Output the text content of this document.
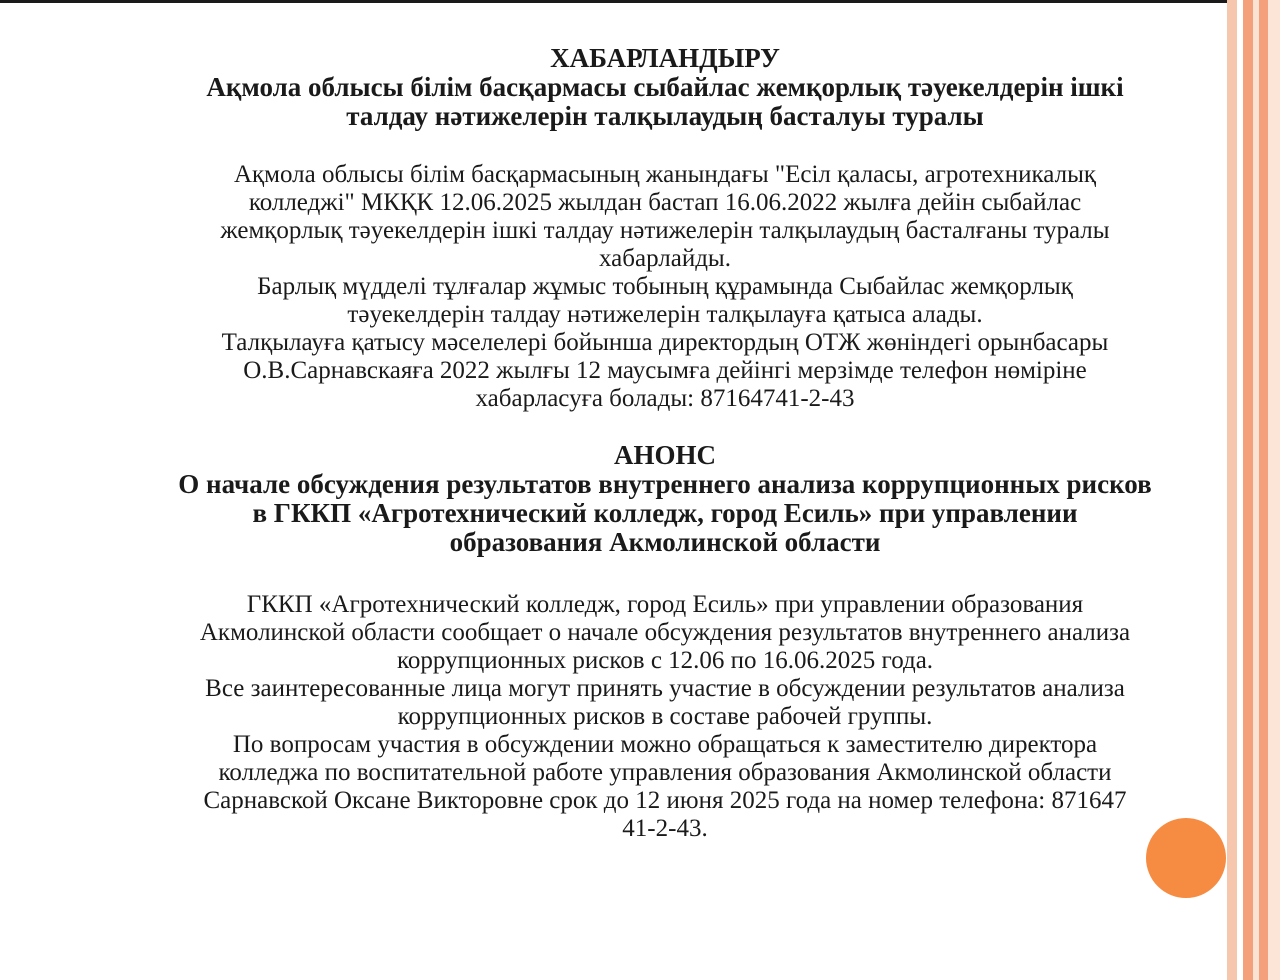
ХАБАРЛАНДЫРУ

Ақмола облысы білім басқармасы сыбайлас жемқорлық тәуекелдерін ішкі
талдау нәтижелерін талқылаудың басталуы туралы

Ақмола облысы білім басқармасының жанындағы "Есіл қаласы, агротехникалық
колледжі" МКҚК 12.06.2025 жылдан бастап 16.06.2022 жылға дейін сыбайлас
жемқорлық тәуекелдерін ішкі талдау нәтижелерін талқылаудың басталғаны туралы
хабарлайды.
Барлық мүдделі тұлғалар жұмыс тобының құрамында Сыбайлас жемқорлық
тәуекелдерін талдау нәтижелерін талқылауға қатыса алады.
Талқылауға қатысу мәселелері бойынша директордың ОТЖ жөніндегі орынбасары
О.В.Сарнавскаяға 2022 жылғы 12 маусымға дейінгі мерзімде телефон нөміріне
хабарласуға болады: 87164741-2-43

АНОНС

О начале обсуждения результатов внутреннего анализа коррупционных рисков
в ГККП «Агротехнический колледж, город Есиль» при управлении
образования Акмолинской области

ГККП «Агротехнический колледж, город Есиль» при управлении образования
Акмолинской области сообщает о начале обсуждения результатов внутреннего анализа
коррупционных рисков с 12.06 по 16.06.2025 года.
Все заинтересованные лица могут принять участие в обсуждении результатов анализа
коррупционных рисков в составе рабочей группы.
По вопросам участия в обсуждении можно обращаться к заместителю директора
колледжа по воспитательной работе управления образования Акмолинской области
Сарнавской Оксане Викторовне срок до 12 июня 2025 года на номер телефона: 871647
41-2-43.
